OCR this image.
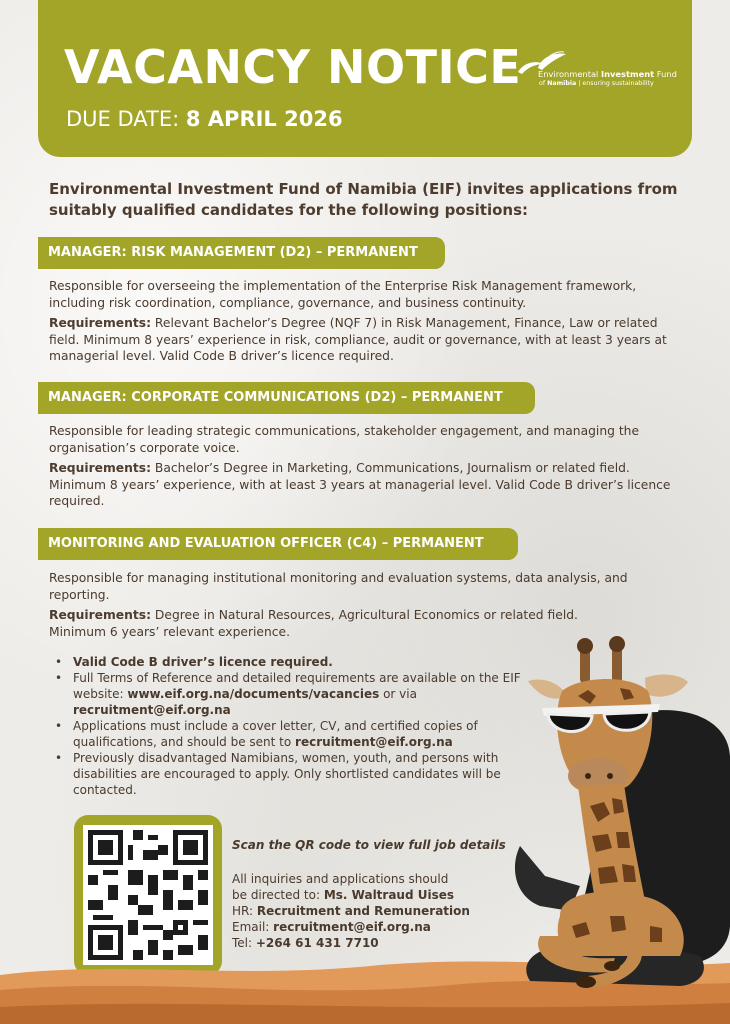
VACANCY NOTICE
DUE DATE: 8 APRIL 2026
Environmental Investment Fund
of Namibia | ensuring sustainability
Environmental Investment Fund of Namibia (EIF) invites applications from suitably qualified candidates for the following positions:
MANAGER: RISK MANAGEMENT (D2) – PERMANENT
Responsible for overseeing the implementation of the Enterprise Risk Management framework, including risk coordination, compliance, governance, and business continuity.
Requirements: Relevant Bachelor’s Degree (NQF 7) in Risk Management, Finance, Law or related field. Minimum 8 years’ experience in risk, compliance, audit or governance, with at least 3 years at managerial level. Valid Code B driver’s licence required.
MANAGER: CORPORATE COMMUNICATIONS (D2) – PERMANENT
Responsible for leading strategic communications, stakeholder engagement, and managing the organisation’s corporate voice.
Requirements: Bachelor’s Degree in Marketing, Communications, Journalism or related field. Minimum 8 years’ experience, with at least 3 years at managerial level. Valid Code B driver’s licence required.
MONITORING AND EVALUATION OFFICER (C4) – PERMANENT
Responsible for managing institutional monitoring and evaluation systems, data analysis, and reporting.
Requirements: Degree in Natural Resources, Agricultural Economics or related field. Minimum 6 years’ relevant experience.
• Valid Code B driver’s licence required.
• Full Terms of Reference and detailed requirements are available on the EIF website: www.eif.org.na/documents/vacancies or via recruitment@eif.org.na
• Applications must include a cover letter, CV, and certified copies of qualifications, and should be sent to recruitment@eif.org.na
• Previously disadvantaged Namibians, women, youth, and persons with disabilities are encouraged to apply. Only shortlisted candidates will be contacted.
Scan the QR code to view full job details
All inquiries and applications should
be directed to: Ms. Waltraud Uises
HR: Recruitment and Remuneration
Email: recruitment@eif.org.na
Tel: +264 61 431 7710
